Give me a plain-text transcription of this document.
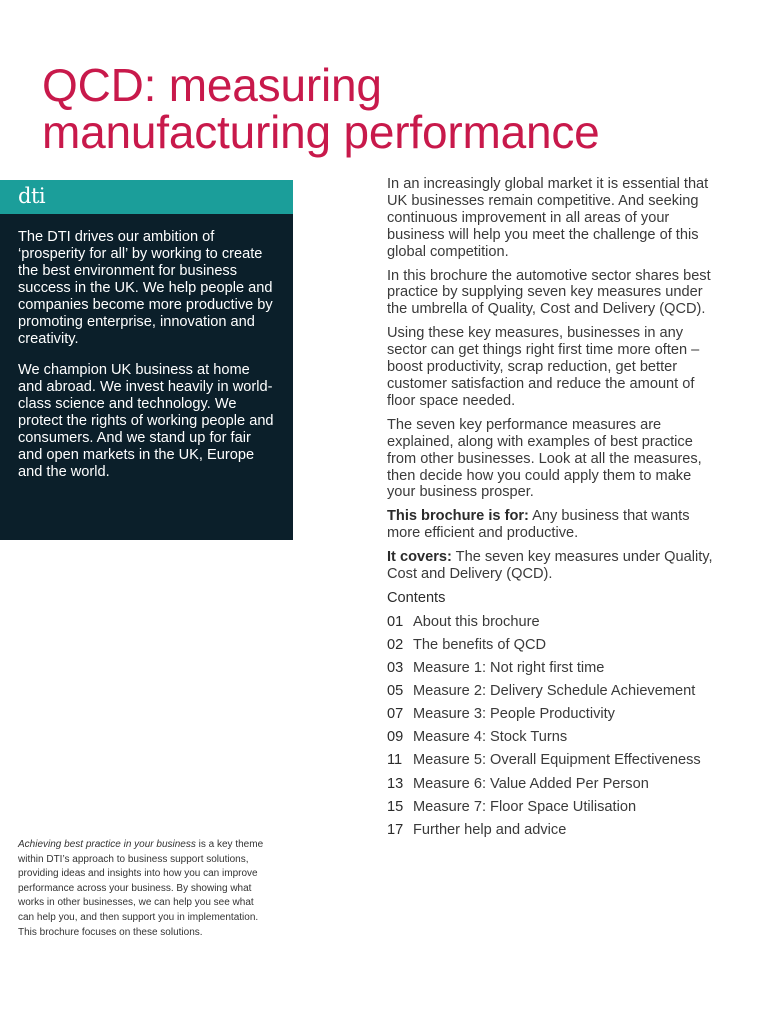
QCD: measuring
manufacturing performance
dti

The DTI drives our ambition of ‘prosperity for all’ by working to create the best environment for business success in the UK. We help people and companies become more productive by promoting enterprise, innovation and creativity.

We champion UK business at home and abroad. We invest heavily in world-class science and technology. We protect the rights of working people and consumers. And we stand up for fair and open markets in the UK, Europe and the world.

Achieving best practice in your business is a key theme within DTI’s approach to business support solutions, providing ideas and insights into how you can improve performance across your business. By showing what works in other businesses, we can help you see what can help you, and then support you in implementation. This brochure focuses on these solutions.

In an increasingly global market it is essential that UK businesses remain competitive. And seeking continuous improvement in all areas of your business will help you meet the challenge of this global competition.

In this brochure the automotive sector shares best practice by supplying seven key measures under the umbrella of Quality, Cost and Delivery (QCD).

Using these key measures, businesses in any sector can get things right first time more often – boost productivity, scrap reduction, get better customer satisfaction and reduce the amount of floor space needed.

The seven key performance measures are explained, along with examples of best practice from other businesses. Look at all the measures, then decide how you could apply them to make your business prosper.

This brochure is for: Any business that wants more efficient and productive.

It covers: The seven key measures under Quality, Cost and Delivery (QCD).

Contents

01 About this brochure
02 The benefits of QCD
03 Measure 1: Not right first time
05 Measure 2: Delivery Schedule Achievement
07 Measure 3: People Productivity
09 Measure 4: Stock Turns
11 Measure 5: Overall Equipment Effectiveness
13 Measure 6: Value Added Per Person
15 Measure 7: Floor Space Utilisation
17 Further help and advice
